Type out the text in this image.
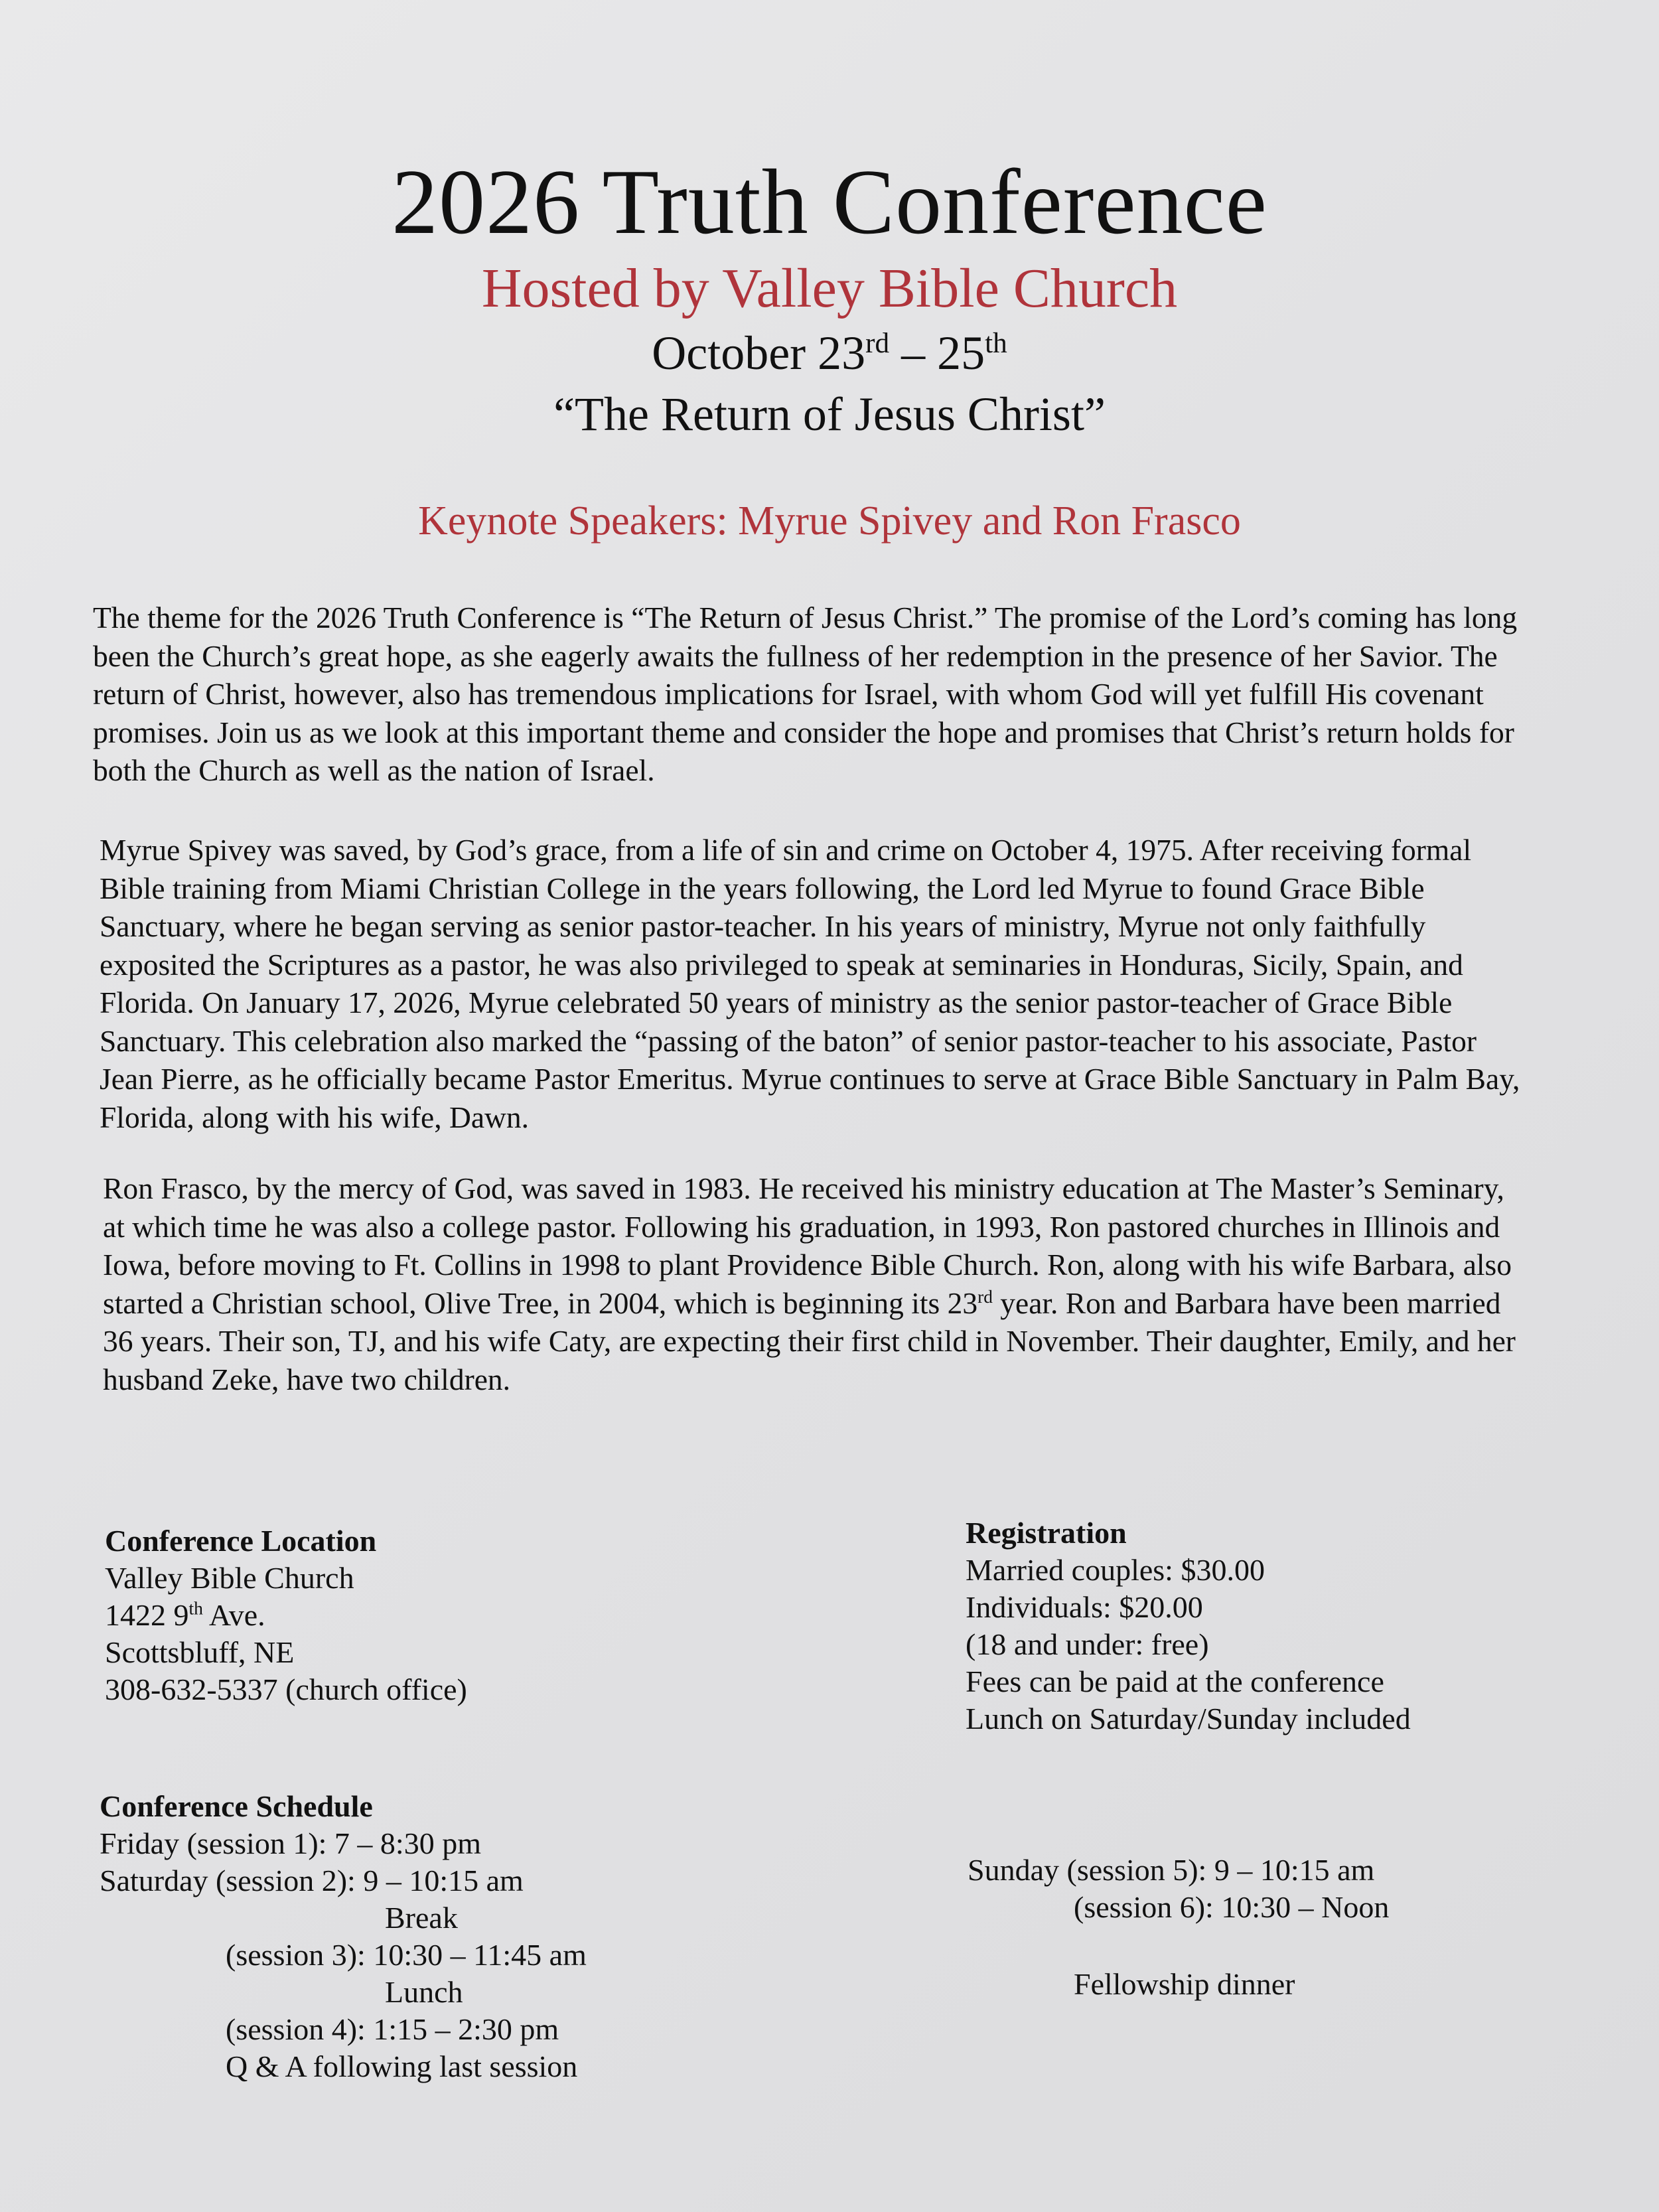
2026 Truth Conference
Hosted by Valley Bible Church
October 23rd – 25th
“The Return of Jesus Christ”
Keynote Speakers: Myrue Spivey and Ron Frasco

The theme for the 2026 Truth Conference is “The Return of Jesus Christ.” The promise of the Lord’s coming has long been the Church’s great hope, as she eagerly awaits the fullness of her redemption in the presence of her Savior. The return of Christ, however, also has tremendous implications for Israel, with whom God will yet fulfill His covenant promises. Join us as we look at this important theme and consider the hope and promises that Christ’s return holds for both the Church as well as the nation of Israel.

Myrue Spivey was saved, by God’s grace, from a life of sin and crime on October 4, 1975. After receiving formal Bible training from Miami Christian College in the years following, the Lord led Myrue to found Grace Bible Sanctuary, where he began serving as senior pastor-teacher. In his years of ministry, Myrue not only faithfully exposited the Scriptures as a pastor, he was also privileged to speak at seminaries in Honduras, Sicily, Spain, and Florida. On January 17, 2026, Myrue celebrated 50 years of ministry as the senior pastor-teacher of Grace Bible Sanctuary. This celebration also marked the “passing of the baton” of senior pastor-teacher to his associate, Pastor Jean Pierre, as he officially became Pastor Emeritus. Myrue continues to serve at Grace Bible Sanctuary in Palm Bay, Florida, along with his wife, Dawn.

Ron Frasco, by the mercy of God, was saved in 1983. He received his ministry education at The Master’s Seminary, at which time he was also a college pastor. Following his graduation, in 1993, Ron pastored churches in Illinois and Iowa, before moving to Ft. Collins in 1998 to plant Providence Bible Church. Ron, along with his wife Barbara, also started a Christian school, Olive Tree, in 2004, which is beginning its 23rd year. Ron and Barbara have been married 36 years. Their son, TJ, and his wife Caty, are expecting their first child in November. Their daughter, Emily, and her husband Zeke, have two children.

Conference Location
Valley Bible Church
1422 9th Ave.
Scottsbluff, NE
308-632-5337 (church office)
Registration
Married couples: $30.00
Individuals: $20.00
(18 and under: free)
Fees can be paid at the conference
Lunch on Saturday/Sunday included
Conference Schedule
Friday (session 1): 7 – 8:30 pm
Saturday (session 2): 9 – 10:15 am
Break
(session 3): 10:30 – 11:45 am
Lunch
(session 4): 1:15 – 2:30 pm
Q & A following last session
Sunday (session 5): 9 – 10:15 am
(session 6): 10:30 – Noon
Fellowship dinner
